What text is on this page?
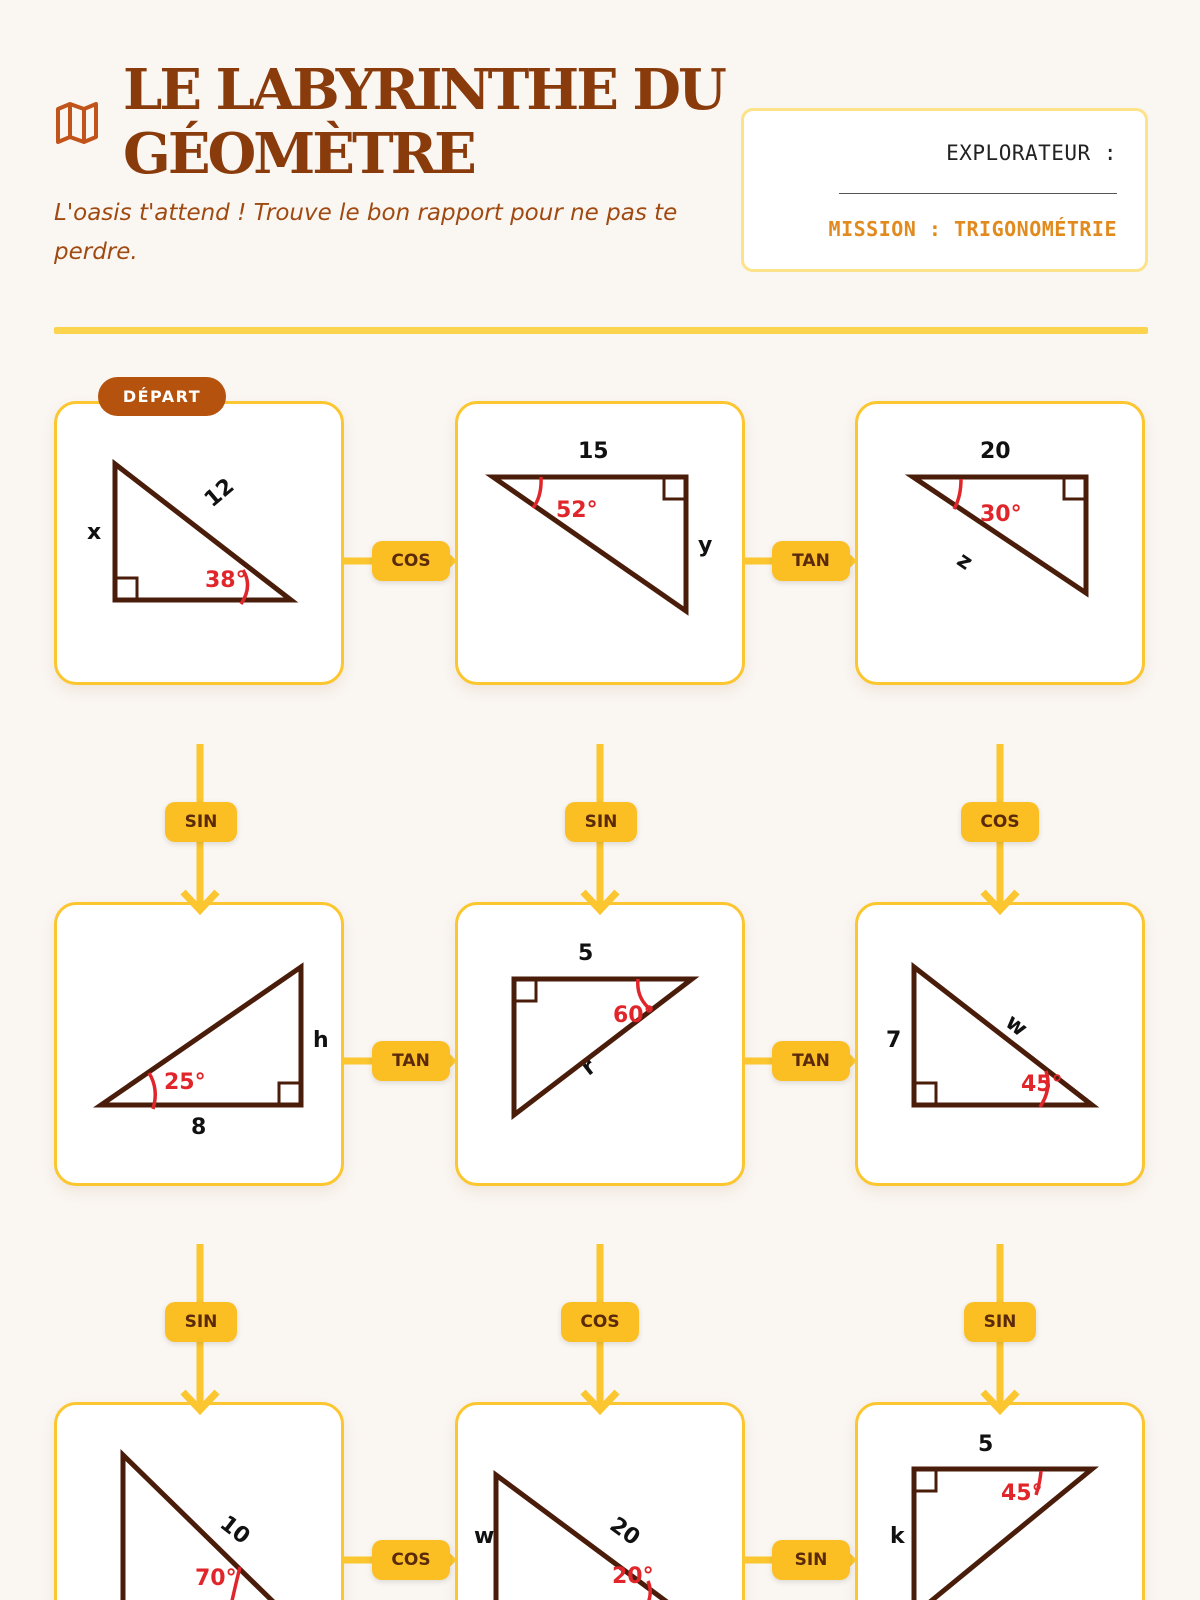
LE LABYRINTHE DU GÉOMÈTRE
L'oasis t'attend ! Trouve le bon rapport pour ne pas te perdre.
EXPLORATEUR :
MISSION : TRIGONOMÉTRIE
DÉPART
x
12
38°
15
y
52°
20
z
30°
h
8
25°
5
r
60°
7	w
45°
10
70°
w	20
20°
5
k
45°
COS	TAN
TAN	TAN
COS	SIN
SIN	SIN	COS
SIN	COS	SIN
